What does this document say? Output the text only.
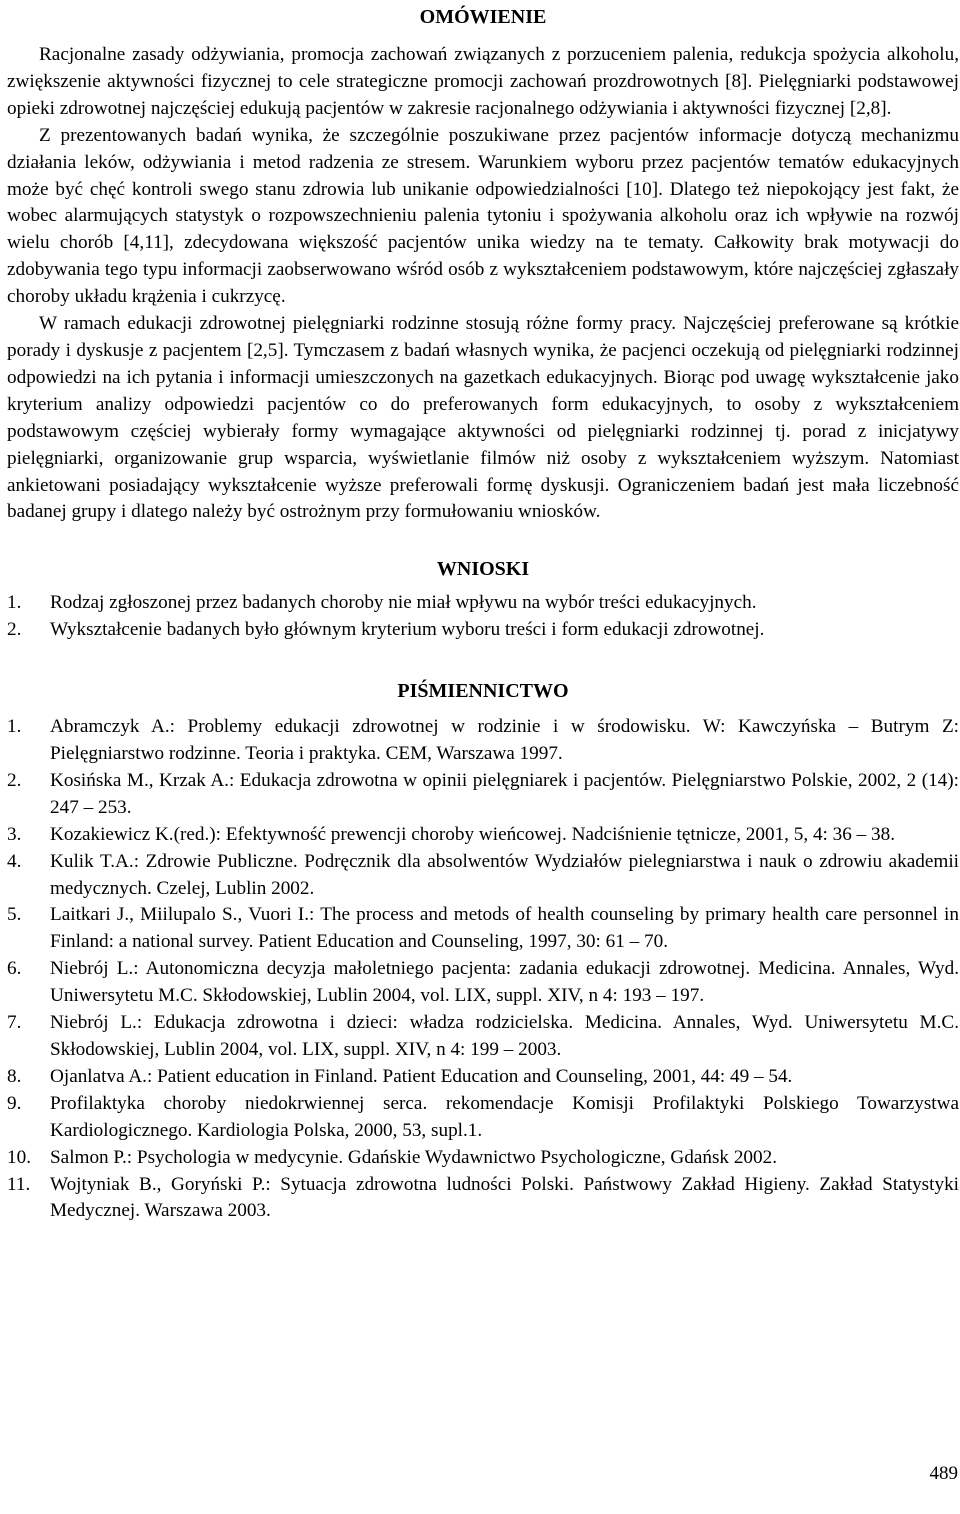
OMÓWIENIE

Racjonalne zasady odżywiania, promocja zachowań związanych z porzuceniem palenia, redukcja spożycia alkoholu, zwiększenie aktywności fizycznej to cele strategiczne promocji zachowań prozdrowotnych [8]. Pielęgniarki podstawowej opieki zdrowotnej najczęściej edukują pacjentów w zakresie racjonalnego odżywiania i aktywności fizycznej [2,8].

Z prezentowanych badań wynika, że szczególnie poszukiwane przez pacjentów informacje dotyczą mechanizmu działania leków, odżywiania i metod radzenia ze stresem. Warunkiem wyboru przez pacjentów tematów edukacyjnych może być chęć kontroli swego stanu zdrowia lub unikanie odpowiedzialności [10]. Dlatego też niepokojący jest fakt, że wobec alarmujących statystyk o rozpowszechnieniu palenia tytoniu i spożywania alkoholu oraz ich wpływie na rozwój wielu chorób [4,11], zdecydowana większość pacjentów unika wiedzy na te tematy. Całkowity brak motywacji do zdobywania tego typu informacji zaobserwowano wśród osób z wykształceniem podstawowym, które najczęściej zgłaszały choroby układu krążenia i cukrzycę.

W ramach edukacji zdrowotnej pielęgniarki rodzinne stosują różne formy pracy. Najczęściej preferowane są krótkie porady i dyskusje z pacjentem [2,5]. Tymczasem z badań własnych wynika, że pacjenci oczekują od pielęgniarki rodzinnej odpowiedzi na ich pytania i informacji umieszczonych na gazetkach edukacyjnych. Biorąc pod uwagę wykształcenie jako kryterium analizy odpowiedzi pacjentów co do preferowanych form edukacyjnych, to osoby z wykształceniem podstawowym częściej wybierały formy wymagające aktywności od pielęgniarki rodzinnej tj. porad z inicjatywy pielęgniarki, organizowanie grup wsparcia, wyświetlanie filmów niż osoby z wykształceniem wyższym. Natomiast ankietowani posiadający wykształcenie wyższe preferowali formę dyskusji. Ograniczeniem badań jest mała liczebność badanej grupy i dlatego należy być ostrożnym przy formułowaniu wniosków.

WNIOSKI
1.	Rodzaj zgłoszonej przez badanych choroby nie miał wpływu na wybór treści edukacyjnych.
2.	Wykształcenie badanych było głównym kryterium wyboru treści i form edukacji zdrowotnej.
PIŚMIENNICTWO
1.	Abramczyk A.: Problemy edukacji zdrowotnej w rodzinie i w środowisku. W: Kawczyńska – Butrym Z: Pielęgniarstwo rodzinne. Teoria i praktyka. CEM, Warszawa 1997.
2.	Kosińska M., Krzak A.: Edukacja zdrowotna w opinii pielęgniarek i pacjentów. Pielęgniarstwo Polskie, 2002, 2 (14): 247 – 253.
3.	Kozakiewicz K.(red.): Efektywność prewencji choroby wieńcowej. Nadciśnienie tętnicze, 2001, 5, 4: 36 – 38.
4.	Kulik T.A.: Zdrowie Publiczne. Podręcznik dla absolwentów Wydziałów pielegniarstwa i nauk o zdrowiu akademii medycznych. Czelej, Lublin 2002.
5.	Laitkari J., Miilupalo S., Vuori I.: The process and metods of health counseling by primary health care personnel in Finland: a national survey. Patient Education and Counseling, 1997, 30: 61 – 70.
6.	Niebrój L.: Autonomiczna decyzja małoletniego pacjenta: zadania edukacji zdrowotnej. Medicina. Annales, Wyd. Uniwersytetu M.C. Skłodowskiej, Lublin 2004, vol. LIX, suppl. XIV, n 4: 193 – 197.
7.	Niebrój L.: Edukacja zdrowotna i dzieci: władza rodzicielska. Medicina. Annales, Wyd. Uniwersytetu M.C. Skłodowskiej, Lublin 2004, vol. LIX, suppl. XIV, n 4: 199 – 2003.
8.	Ojanlatva A.: Patient education in Finland. Patient Education and Counseling, 2001, 44: 49 – 54.
9.	Profilaktyka choroby niedokrwiennej serca. rekomendacje Komisji Profilaktyki Polskiego Towarzystwa Kardiologicznego. Kardiologia Polska, 2000, 53, supl.1.
10. Salmon P.: Psychologia w medycynie. Gdańskie Wydawnictwo Psychologiczne, Gdańsk 2002.
11.	Wojtyniak B., Goryński P.: Sytuacja zdrowotna ludności Polski. Państwowy Zakład Higieny. Zakład Statystyki Medycznej. Warszawa 2003.
489
